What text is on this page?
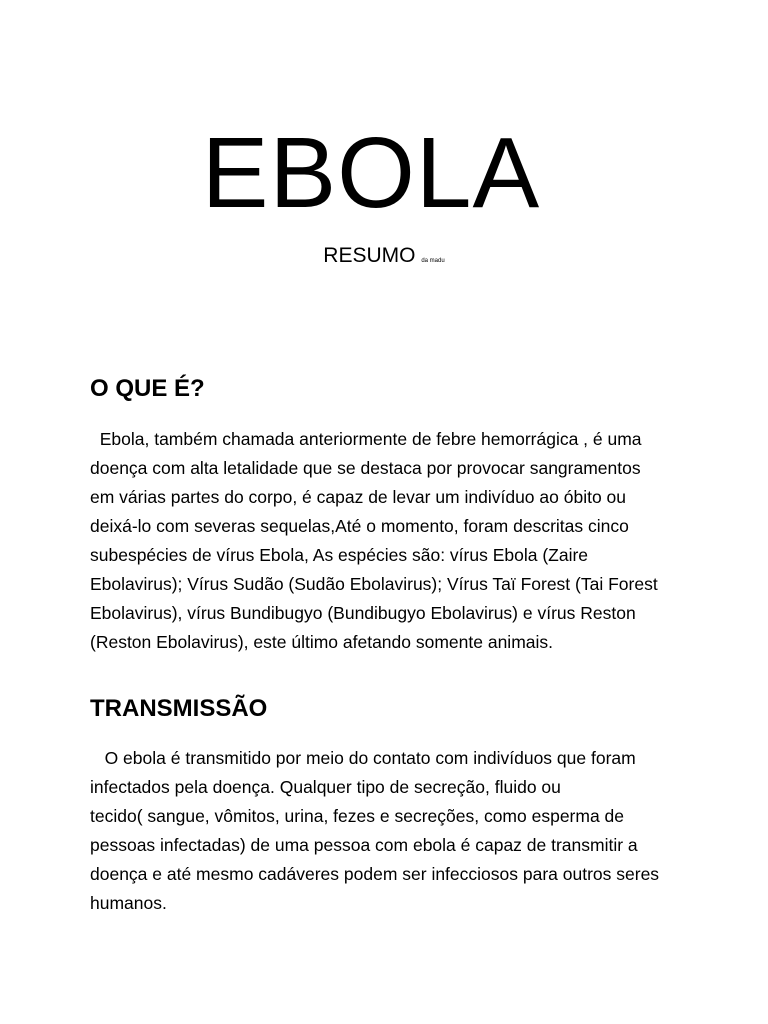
EBOLA
RESUMO da madu
O QUE É?
Ebola, também chamada anteriormente de febre hemorrágica , é uma
doença com alta letalidade que se destaca por provocar sangramentos
em várias partes do corpo, é capaz de levar um indivíduo ao óbito ou
deixá-lo com severas sequelas,Até o momento, foram descritas cinco
subespécies de vírus Ebola, As espécies são: vírus Ebola (Zaire
Ebolavirus); Vírus Sudão (Sudão Ebolavirus); Vírus Taï Forest (Tai Forest
Ebolavirus), vírus Bundibugyo (Bundibugyo Ebolavirus) e vírus Reston
(Reston Ebolavirus), este último afetando somente animais.
TRANSMISSÃO
O ebola é transmitido por meio do contato com indivíduos que foram
infectados pela doença. Qualquer tipo de secreção, fluido ou
tecido( sangue, vômitos, urina, fezes e secreções, como esperma de
pessoas infectadas) de uma pessoa com ebola é capaz de transmitir a
doença e até mesmo cadáveres podem ser infecciosos para outros seres
humanos.
